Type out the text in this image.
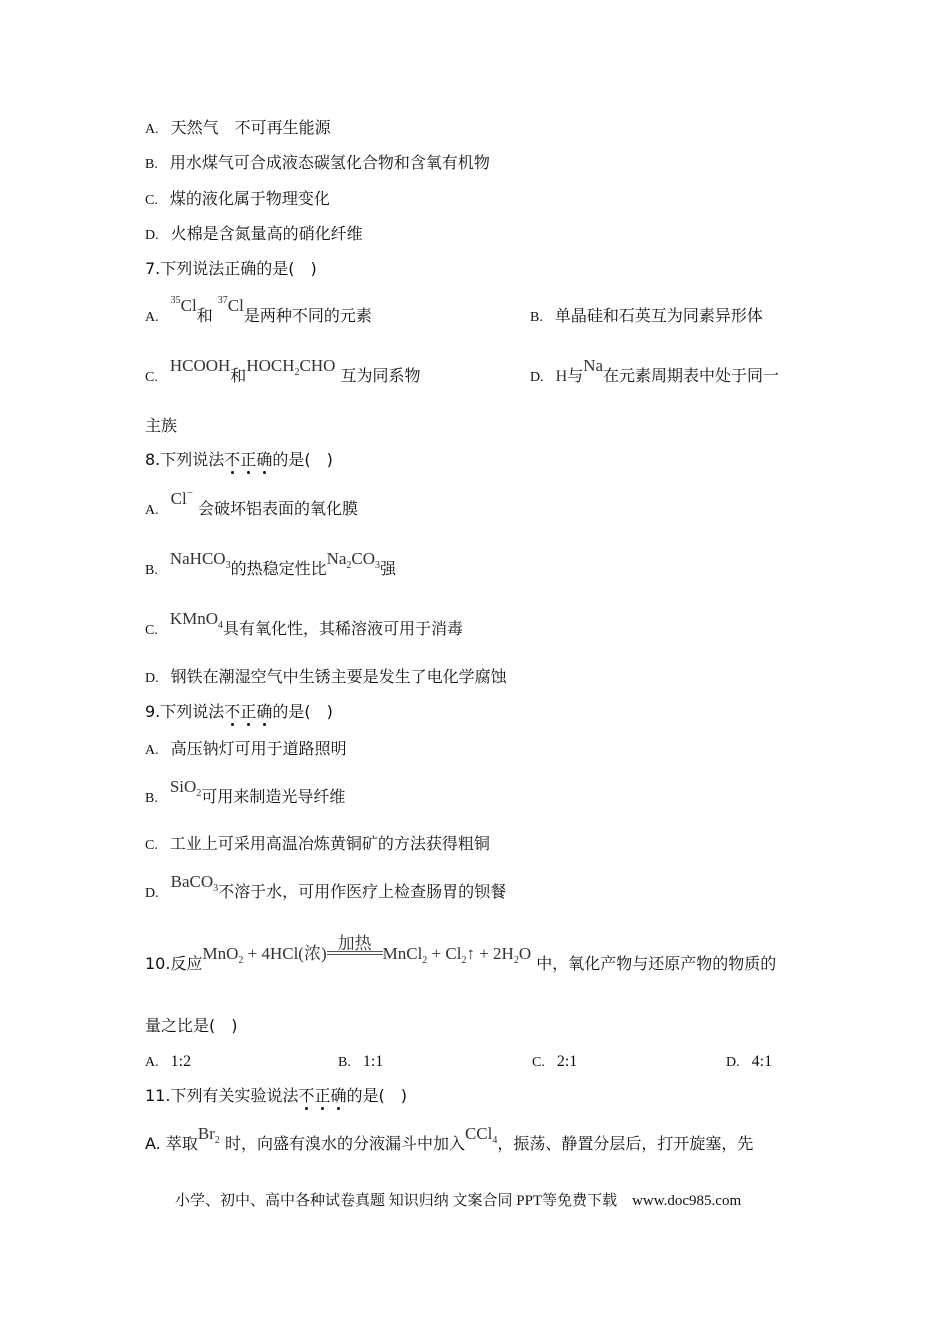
A. 天然气　不可再生能源
B. 用水煤气可合成液态碳氢化合物和含氧有机物
C. 煤的液化属于物理变化
D. 火棉是含氮量高的硝化纤维
7.下列说法正确的是(　)
A.$^{35}$Cl和 $^{37}$Cl是两种不同的元素	B. 单晶硅和石英互为同素异形体
C.HCOOH和$HOCH_2CHO$ 互为同系物	D. H与Na在元素周期表中处于同一
主族
8.下列说法不正确的是(　)
A.Cl− 会破坏铝表面的氧化膜
B.NaHCO$_3$的热稳定性比$Na_2CO_3$强
C.KMnO$_4$具有氧化性，其稀溶液可用于消毒
D. 钢铁在潮湿空气中生锈主要是发生了电化学腐蚀
9.下列说法不正确的是(　)
A. 高压钠灯可用于道路照明
B.SiO$_2$可用来制造光导纤维
C. 工业上可采用高温冶炼黄铜矿的方法获得粗铜
D.BaCO$_3$不溶于水，可用作医疗上检查肠胃的钡餐
10.反应MnO$_2$ + 4HCl(浓)
加热
MnCl$_2$ + $Cl_2↑ + 2H_2O$ 中，氧化产物与还原产物的物质的
量之比是(　)
A. 1:2	B. 1:1	C. 2:1	D. 4:1
11.下列有关实验说法不正确的是(　)
A. 萃取$Br_2$ 时，向盛有溴水的分液漏斗中加入CCl$_4$，振荡、静置分层后，打开旋塞，先
小学、初中、高中各种试卷真题 知识归纳 文案合同 PPT等免费下载　www.doc985.com
